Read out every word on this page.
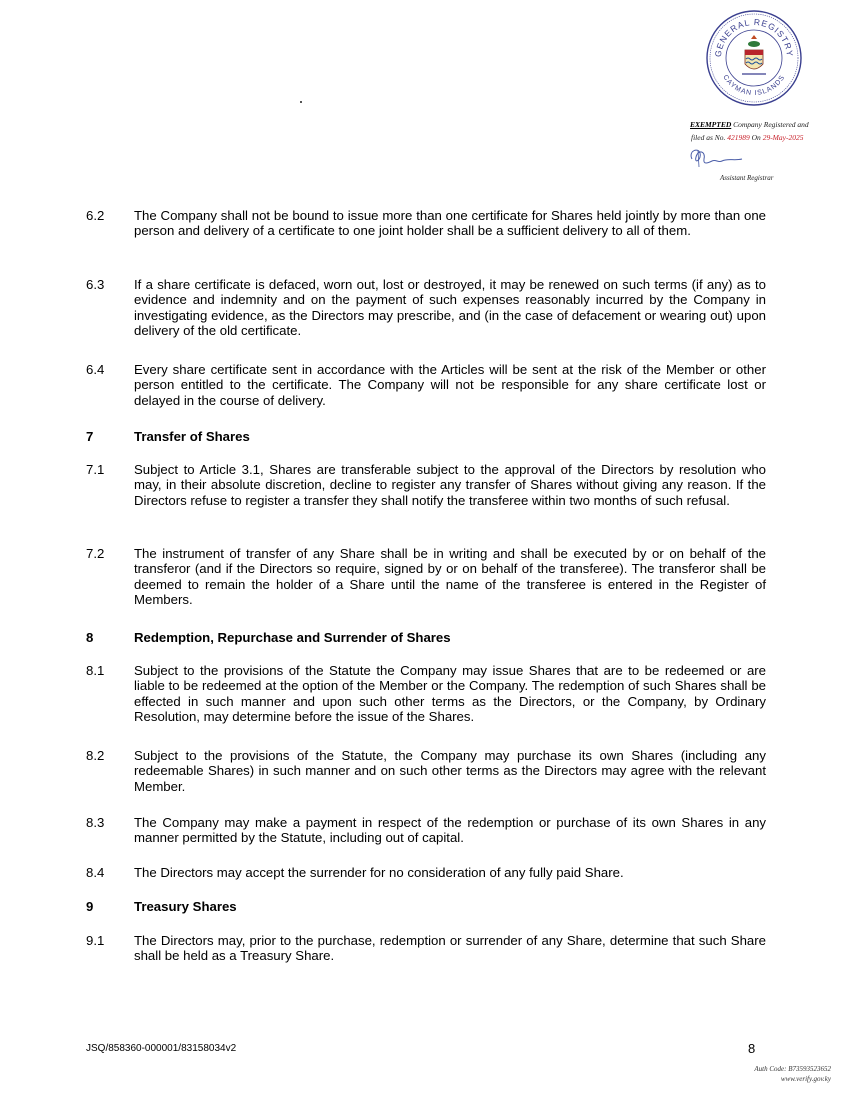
GENERAL REGISTRY
CAYMAN ISLANDS
EXEMPTED Company Registered and
filed as No. 421989 On 29-May-2025
Assistant Registrar
6.2	The Company shall not be bound to issue more than one certificate for Shares held jointly by more than one person and delivery of a certificate to one joint holder shall be a sufficient delivery to all of them.
6.3	If a share certificate is defaced, worn out, lost or destroyed, it may be renewed on such terms (if any) as to evidence and indemnity and on the payment of such expenses reasonably incurred by the Company in investigating evidence, as the Directors may prescribe, and (in the case of defacement or wearing out) upon delivery of the old certificate.
6.4	Every share certificate sent in accordance with the Articles will be sent at the risk of the Member or other person entitled to the certificate. The Company will not be responsible for any share certificate lost or delayed in the course of delivery.
7	Transfer of Shares
7.1	Subject to Article 3.1, Shares are transferable subject to the approval of the Directors by resolution who may, in their absolute discretion, decline to register any transfer of Shares without giving any reason. If the Directors refuse to register a transfer they shall notify the transferee within two months of such refusal.
7.2	The instrument of transfer of any Share shall be in writing and shall be executed by or on behalf of the transferor (and if the Directors so require, signed by or on behalf of the transferee). The transferor shall be deemed to remain the holder of a Share until the name of the transferee is entered in the Register of Members.
8	Redemption, Repurchase and Surrender of Shares
8.1	Subject to the provisions of the Statute the Company may issue Shares that are to be redeemed or are liable to be redeemed at the option of the Member or the Company. The redemption of such Shares shall be effected in such manner and upon such other terms as the Directors, or the Company, by Ordinary Resolution, may determine before the issue of the Shares.
8.2	Subject to the provisions of the Statute, the Company may purchase its own Shares (including any redeemable Shares) in such manner and on such other terms as the Directors may agree with the relevant Member.
8.3	The Company may make a payment in respect of the redemption or purchase of its own Shares in any manner permitted by the Statute, including out of capital.
8.4	The Directors may accept the surrender for no consideration of any fully paid Share.
9	Treasury Shares
9.1	The Directors may, prior to the purchase, redemption or surrender of any Share, determine that such Share shall be held as a Treasury Share.
JSQ/858360-000001/83158034v2	8
Auth Code: B73593523652
www.verify.gov.ky
